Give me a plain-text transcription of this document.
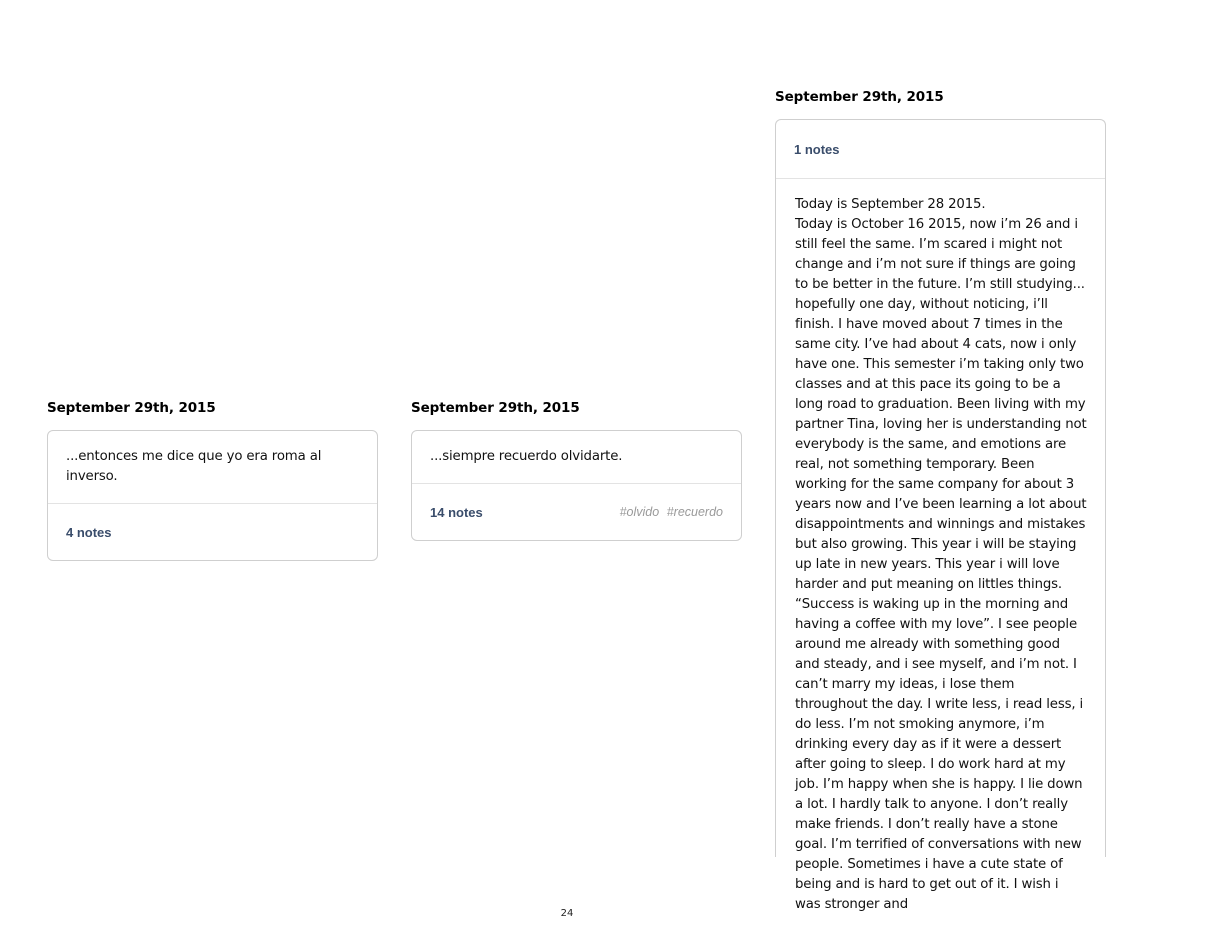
September 29th, 2015

...entonces me dice que yo era roma al inverso.

4 notes
September 29th, 2015

...siempre recuerdo olvidarte.

14 notes	#olvido #recuerdo
September 29th, 2015
1 notes

Today is September 28 2015.

Today is October 16 2015, now i’m 26 and i still feel the same. I’m scared i might not change and i’m not sure if things are going to be better in the future. I’m still studying... hopefully one day, without noticing, i’ll finish. I have moved about 7 times in the same city. I’ve had about 4 cats, now i only have one. This semester i’m taking only two classes and at this pace its going to be a long road to graduation. Been living with my partner Tina, loving her is understanding not everybody is the same, and emotions are real, not something temporary. Been working for the same company for about 3 years now and I’ve been learning a lot about disappointments and winnings and mistakes but also growing. This year i will be staying up late in new years. This year i will love harder and put meaning on littles things. “Success is waking up in the morning and having a coffee with my love”. I see people around me already with something good and steady, and i see myself, and i’m not. I can’t marry my ideas, i lose them throughout the day. I write less, i read less, i do less. I’m not smoking anymore, i’m drinking every day as if it were a dessert after going to sleep. I do work hard at my job. I’m happy when she is happy. I lie down a lot. I hardly talk to anyone. I don’t really make friends. I don’t really have a stone goal. I’m terrified of conversations with new people. Sometimes i have a cute state of being and is hard to get out of it. I wish i was stronger and

24
